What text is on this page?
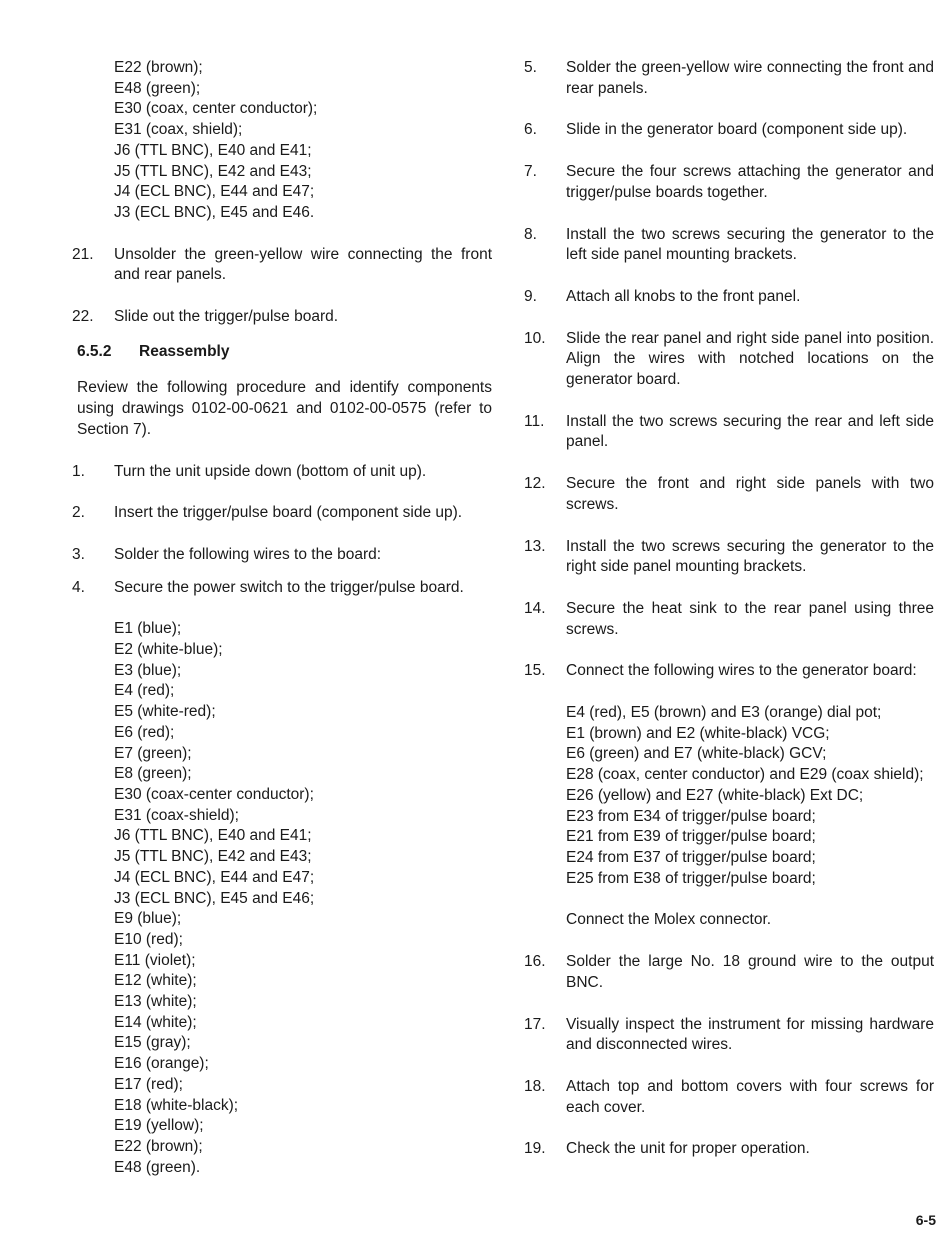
E22 (brown);
E48 (green);
E30 (coax, center conductor);
E31 (coax, shield);
J6 (TTL BNC), E40 and E41;
J5 (TTL BNC), E42 and E43;
J4 (ECL BNC), E44 and E47;
J3 (ECL BNC), E45 and E46.
21.	Unsolder the green-yellow wire connecting the front and rear panels.
22.	Slide out the trigger/pulse board.
6.5.2 Reassembly
Review the following procedure and identify components using drawings 0102-00-0621 and 0102-00-0575 (refer to Section 7).
1.	Turn the unit upside down (bottom of unit up).
2.	Insert the trigger/pulse board (component side up).
3.	Solder the following wires to the board:
4.	Secure the power switch to the trigger/pulse board.
E1 (blue);
E2 (white-blue);
E3 (blue);
E4 (red);
E5 (white-red);
E6 (red);
E7 (green);
E8 (green);
E30 (coax-center conductor);
E31 (coax-shield);
J6 (TTL BNC), E40 and E41;
J5 (TTL BNC), E42 and E43;
J4 (ECL BNC), E44 and E47;
J3 (ECL BNC), E45 and E46;
E9 (blue);
E10 (red);
E11 (violet);
E12 (white);
E13 (white);
E14 (white);
E15 (gray);
E16 (orange);
E17 (red);
E18 (white-black);
E19 (yellow);
E22 (brown);
E48 (green).
5.	Solder the green-yellow wire connecting the front and rear panels.
6.	Slide in the generator board (component side up).
7.	Secure the four screws attaching the generator and trigger/pulse boards together.
8.	Install the two screws securing the generator to the left side panel mounting brackets.
9.	Attach all knobs to the front panel.
10.	Slide the rear panel and right side panel into position. Align the wires with notched locations on the generator board.
11.	Install the two screws securing the rear and left side panel.
12.	Secure the front and right side panels with two screws.
13.	Install the two screws securing the generator to the right side panel mounting brackets.
14.	Secure the heat sink to the rear panel using three screws.
15.	Connect the following wires to the generator board:
E4 (red), E5 (brown) and E3 (orange) dial pot;
E1 (brown) and E2 (white-black) VCG;
E6 (green) and E7 (white-black) GCV;
E28 (coax, center conductor) and E29 (coax shield);
E26 (yellow) and E27 (white-black) Ext DC;
E23 from E34 of trigger/pulse board;
E21 from E39 of trigger/pulse board;
E24 from E37 of trigger/pulse board;
E25 from E38 of trigger/pulse board;
Connect the Molex connector.
16.	Solder the large No. 18 ground wire to the output BNC.
17.	Visually inspect the instrument for missing hardware and disconnected wires.
18.	Attach top and bottom covers with four screws for each cover.
19.	Check the unit for proper operation.
6-5
